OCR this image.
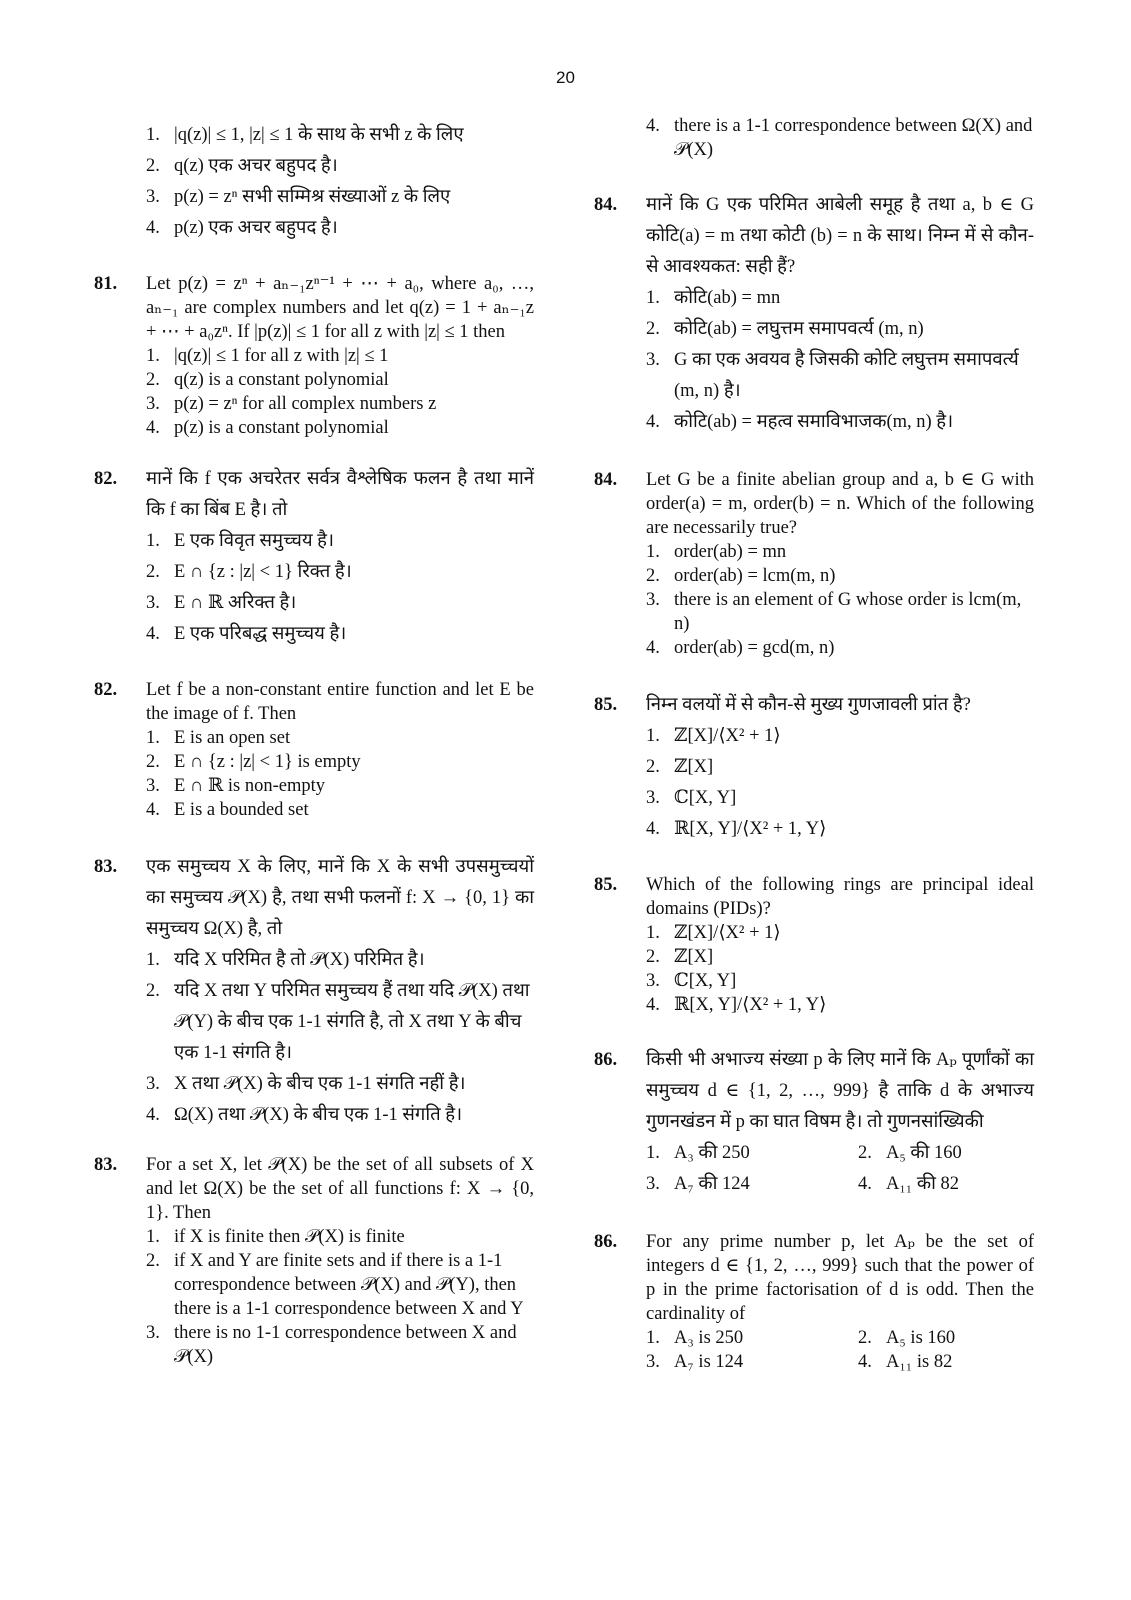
20
1. |q(z)| ≤ 1, |z| ≤ 1 के साथ के सभी z के लिए
2. q(z) एक अचर बहुपद है।
3. p(z) = zⁿ सभी सम्मिश्र संख्याओं z के लिए
4. p(z) एक अचर बहुपद है।
81. Let p(z) = zⁿ + aₙ₋₁zⁿ⁻¹ + ⋯ + a₀, where a₀, …, aₙ₋₁ are complex numbers and let q(z) = 1 + aₙ₋₁z + ⋯ + a₀zⁿ. If |p(z)| ≤ 1 for all z with |z| ≤ 1 then
1. |q(z)| ≤ 1 for all z with |z| ≤ 1
2. q(z) is a constant polynomial
3. p(z) = zⁿ for all complex numbers z
4. p(z) is a constant polynomial
82. मानें कि f एक अचरेतर सर्वत्र वैश्लेषिक फलन है तथा मानें कि f का बिंब E है। तो
1. E एक विवृत समुच्चय है।
2. E ∩ {z : |z| < 1} रिक्त है।
3. E ∩ ℝ अरिक्त है।
4. E एक परिबद्ध समुच्चय है।
82. Let f be a non-constant entire function and let E be the image of f. Then
1. E is an open set
2. E ∩ {z : |z| < 1} is empty
3. E ∩ ℝ is non-empty
4. E is a bounded set
83. एक समुच्चय X के लिए, मानें कि X के सभी उपसमुच्चयों का समुच्चय 𝒫(X) है, तथा सभी फलनों f: X → {0, 1} का समुच्चय Ω(X) है, तो
1. यदि X परिमित है तो 𝒫(X) परिमित है।
2. यदि X तथा Y परिमित समुच्चय हैं तथा यदि 𝒫(X) तथा 𝒫(Y) के बीच एक 1-1 संगति है, तो X तथा Y के बीच एक 1-1 संगति है।
3. X तथा 𝒫(X) के बीच एक 1-1 संगति नहीं है।
4. Ω(X) तथा 𝒫(X) के बीच एक 1-1 संगति है।
83. For a set X, let 𝒫(X) be the set of all subsets of X and let Ω(X) be the set of all functions f: X → {0, 1}. Then
1. if X is finite then 𝒫(X) is finite
2. if X and Y are finite sets and if there is a 1-1 correspondence between 𝒫(X) and 𝒫(Y), then there is a 1-1 correspondence between X and Y
3. there is no 1-1 correspondence between X and 𝒫(X)
4. there is a 1-1 correspondence between Ω(X) and 𝒫(X)
84. मानें कि G एक परिमित आबेली समूह है तथा a, b ∈ G कोटि(a) = m तथा कोटी (b) = n के साथ। निम्न में से कौन-से आवश्यकत: सही हैं?
1. कोटि(ab) = mn
2. कोटि(ab) = लघुत्तम समापवर्त्य (m, n)
3. G का एक अवयव है जिसकी कोटि लघुत्तम समापवर्त्य (m, n) है।
4. कोटि(ab) = महत्व समाविभाजक(m, n) है।
84. Let G be a finite abelian group and a, b ∈ G with order(a) = m, order(b) = n. Which of the following are necessarily true?
1. order(ab) = mn
2. order(ab) = lcm(m, n)
3. there is an element of G whose order is lcm(m, n)
4. order(ab) = gcd(m, n)
85. निम्न वलयों में से कौन-से मुख्य गुणजावली प्रांत है?
1. ℤ[X]/⟨X² + 1⟩
2. ℤ[X]
3. ℂ[X, Y]
4. ℝ[X, Y]/⟨X² + 1, Y⟩
85. Which of the following rings are principal ideal domains (PIDs)?
1. ℤ[X]/⟨X² + 1⟩
2. ℤ[X]
3. ℂ[X, Y]
4. ℝ[X, Y]/⟨X² + 1, Y⟩
86. किसी भी अभाज्य संख्या p के लिए मानें कि Aₚ पूर्णांकों का समुच्चय d ∈ {1, 2, …, 999} है ताकि d के अभाज्य गुणनखंडन में p का घात विषम है। तो गुणनसांख्यिकी
1. A₃ की 250	2. A₅ की 160
3. A₇ की 124	4. A₁₁ की 82
86. For any prime number p, let Aₚ be the set of integers d ∈ {1, 2, …, 999} such that the power of p in the prime factorisation of d is odd. Then the cardinality of
1. A₃ is 250	2. A₅ is 160
3. A₇ is 124	4. A₁₁ is 82
